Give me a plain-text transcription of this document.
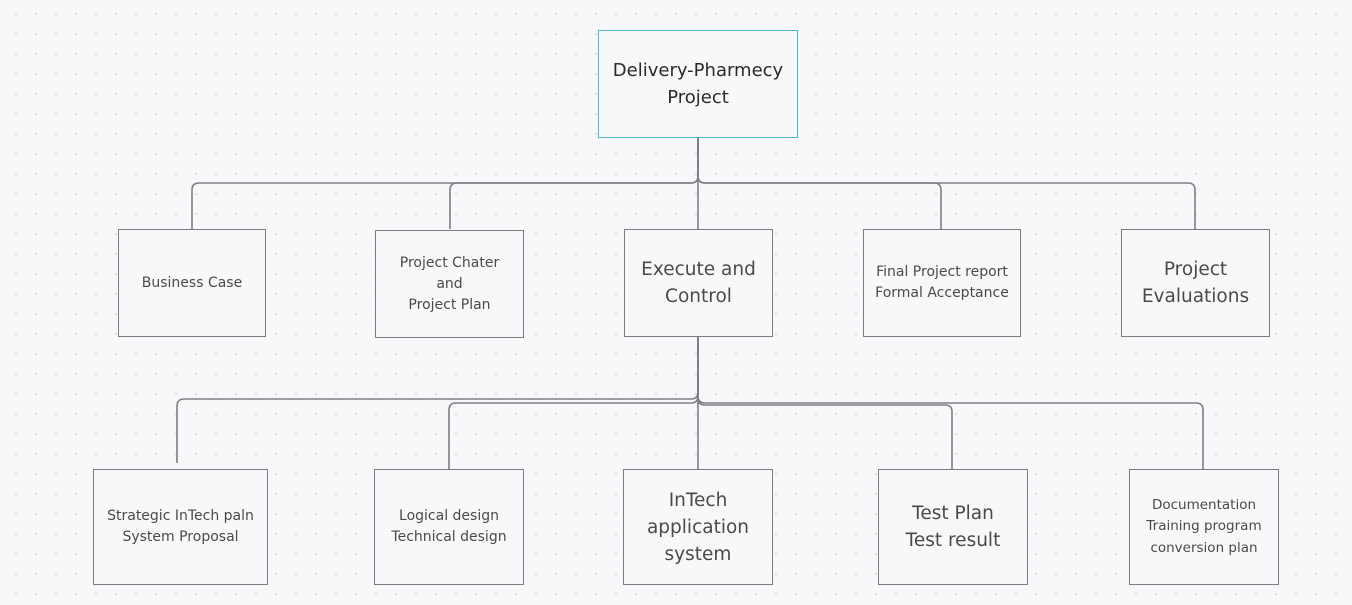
Delivery-Pharmecy
Project
Business Case
Project Chater
and
Project Plan
Execute and
Control
Final Project report
Formal Acceptance
Project
Evaluations
Strategic InTech paln
System Proposal
Logical design
Technical design
InTech
application
system
Test Plan
Test result
Documentation
Training program
conversion plan
